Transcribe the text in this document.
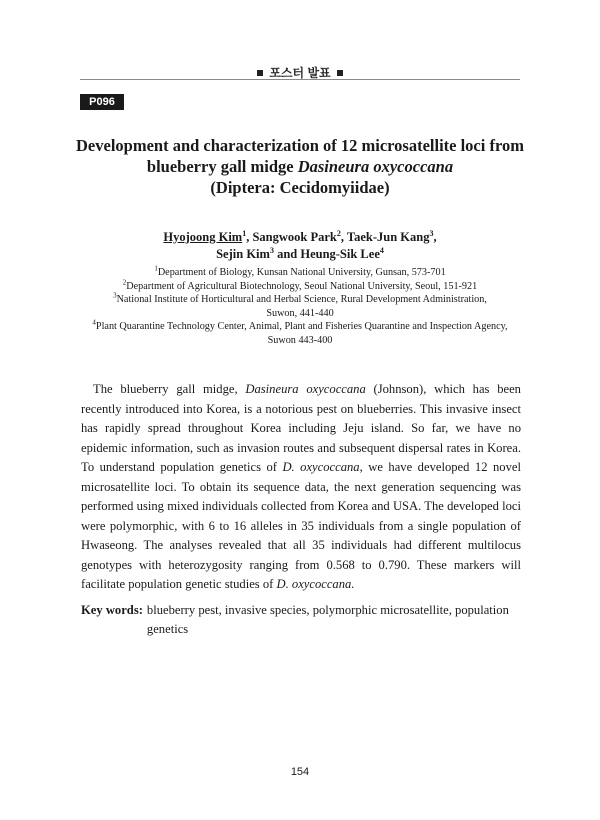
포스터 발표
P096
Development and characterization of 12 microsatellite loci from
blueberry gall midge Dasineura oxycoccana
(Diptera: Cecidomyiidae)
Hyojoong Kim$^1$, Sangwook Park$^2$, Taek-Jun Kang$^3$,
Sejin Kim$^3$ and Heung-Sik Lee$^4$
$^1$Department of Biology, Kunsan National University, Gunsan, 573-701
$^2$Department of Agricultural Biotechnology, Seoul National University, Seoul, 151-921
$^3$National Institute of Horticultural and Herbal Science, Rural Development Administration,
Suwon, 441-440
$^4$Plant Quarantine Technology Center, Animal, Plant and Fisheries Quarantine and Inspection Agency,
Suwon 443-400

The blueberry gall midge, Dasineura oxycoccana (Johnson), which has been recently introduced into Korea, is a notorious pest on blueberries. This invasive insect has rapidly spread throughout Korea including Jeju island. So far, we have no epidemic information, such as invasion routes and subsequent dispersal rates in Korea. To understand population genetics of D. oxycoccana, we have developed 12 novel microsatellite loci. To obtain its sequence data, the next generation sequencing was performed using mixed individuals collected from Korea and USA. The developed loci were polymorphic, with 6 to 16 alleles in 35 individuals from a single population of Hwaseong. The analyses revealed that all 35 individuals had different multilocus genotypes with heterozygosity ranging from 0.568 to 0.790. These markers will facilitate population genetic studies of D. oxycoccana.

Key words: blueberry pest, invasive species, polymorphic microsatellite, population genetics
154
